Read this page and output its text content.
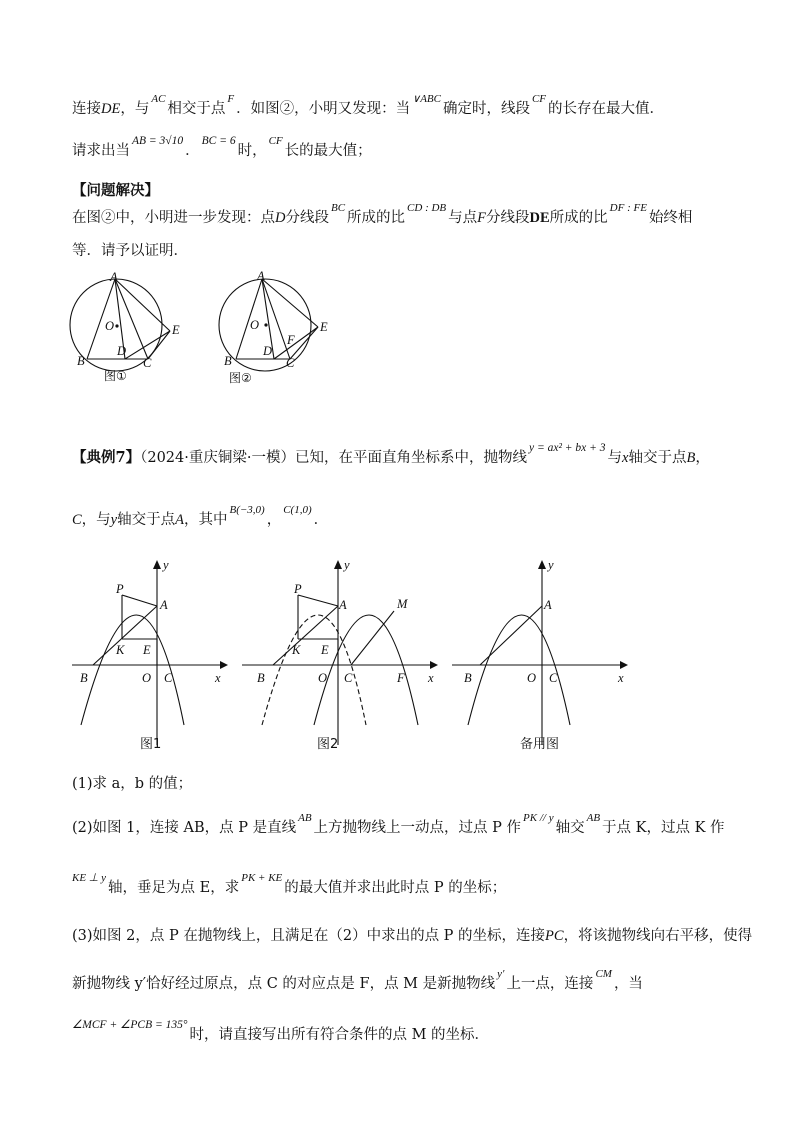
连接DE，与$^{AC}$相交于点$^F$．如图②，小明又发现：当$^{\vee ABC}$确定时，线段$^{CF}$的长存在最大值．
请求出当$^{AB = 3√10}$．$^{BC = 6}$时，$^{CF}$长的最大值；
【问题解决】
在图②中，小明进一步发现：点D分线段$^{BC}$所成的比$^{CD : DB}$与点F分线段DE所成的比$^{DF : FE}$始终相
等．请予以证明．
A
O
B
D
C
E
图①
A
O
B
D
F
C
E
图②
【典例7】（2024·重庆铜梁·一模）已知，在平面直角坐标系中，抛物线$^{y = ax^2 + bx + 3}$与x轴交于点B，
C，与y轴交于点A，其中$^{B(-3,0)}$，$^{C(1,0)}$．
y
x
P
A
K E
B	O C
图1
y
x
P
A	M
K E
B	O C	F
图2
y
x
A
B	O C
备用图
(1)求 a，b 的值；
(2)如图 1，连接 AB，点 P 是直线$^{AB}$上方抛物线上一动点，过点 P 作$^{PK // y}$轴交$^{AB}$于点 K，过点 K 作
$^{KE \perp y}$轴，垂足为点 E，求$^{PK + KE}$的最大值并求出此时点 P 的坐标；
(3)如图 2，点 P 在抛物线上，且满足在（2）中求出的点 P 的坐标，连接PC，将该抛物线向右平移，使得
新抛物线 y′恰好经过原点，点 C 的对应点是 F，点 M 是新抛物线$^{y'}$上一点，连接$^{CM}$，当
$^{\angle MCF + \angle PCB = 135^\circ}$时，请直接写出所有符合条件的点 M 的坐标．
